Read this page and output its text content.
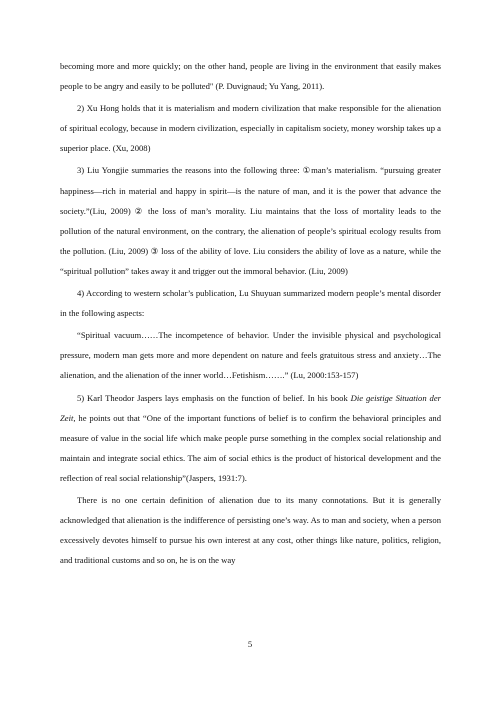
becoming more and more quickly; on the other hand, people are living in the environment that easily makes people to be angry and easily to be polluted" (P. Duvignaud; Yu Yang, 2011).

2) Xu Hong holds that it is materialism and modern civilization that make responsible for the alienation of spiritual ecology, because in modern civilization, especially in capitalism society, money worship takes up a superior place. (Xu, 2008)

3) Liu Yongjie summaries the reasons into the following three: ①man’s materialism. “pursuing greater happiness—rich in material and happy in spirit—is the nature of man, and it is the power that advance the society.”(Liu, 2009) ② the loss of man’s morality. Liu maintains that the loss of mortality leads to the pollution of the natural environment, on the contrary, the alienation of people’s spiritual ecology results from the pollution. (Liu, 2009) ③ loss of the ability of love. Liu considers the ability of love as a nature, while the “spiritual pollution” takes away it and trigger out the immoral behavior. (Liu, 2009)

4) According to western scholar’s publication, Lu Shuyuan summarized modern people’s mental disorder in the following aspects:

“Spiritual vacuum……The incompetence of behavior. Under the invisible physical and psychological pressure, modern man gets more and more dependent on nature and feels gratuitous stress and anxiety…The alienation, and the alienation of the inner world…Fetishism…….” (Lu, 2000:153-157)

5) Karl Theodor Jaspers lays emphasis on the function of belief. In his book Die geistige Situation der Zeit, he points out that “One of the important functions of belief is to confirm the behavioral principles and measure of value in the social life which make people purse something in the complex social relationship and maintain and integrate social ethics. The aim of social ethics is the product of historical development and the reflection of real social relationship”(Jaspers, 1931:7).

There is no one certain definition of alienation due to its many connotations. But it is generally acknowledged that alienation is the indifference of persisting one’s way. As to man and society, when a person excessively devotes himself to pursue his own interest at any cost, other things like nature, politics, religion, and traditional customs and so on, he is on the way

5
